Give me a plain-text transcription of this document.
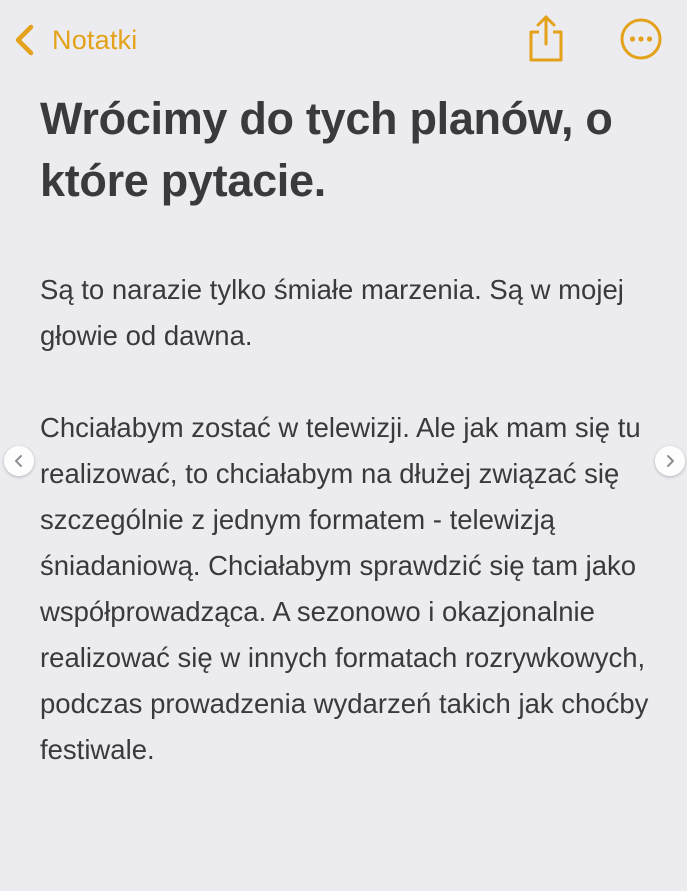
Notatki
Wrócimy do tych planów, o które pytacie.

Są to narazie tylko śmiałe marzenia. Są w mojej głowie od dawna.

Chciałabym zostać w telewizji. Ale jak mam się tu realizować, to chciałabym na dłużej związać się szczególnie z jednym formatem - telewizją śniadaniową. Chciałabym sprawdzić się tam jako współprowadząca. A sezonowo i okazjonalnie realizować się w innych formatach rozrywkowych, podczas prowadzenia wydarzeń takich jak choćby festiwale.
